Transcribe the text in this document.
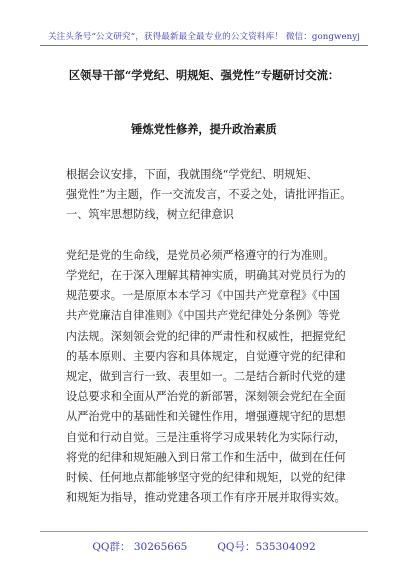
关注头条号“公文研究”，获得最新最全最专业的公文资料库！ 微信：gongwenyj
区领导干部“学党纪、明规矩、强党性”专题研讨交流：
锤炼党性修养，提升政治素质

根据会议安排，下面，我就围绕“学党纪、明规矩、

强党性”为主题，作一交流发言，不妥之处，请批评指正。

一、筑牢思想防线，树立纪律意识

党纪是党的生命线，是党员必须严格遵守的行为准则。

学党纪，在于深入理解其精神实质，明确其对党员行为的

规范要求。一是原原本本学习《中国共产党章程》《中国

共产党廉洁自律准则》《中国共产党纪律处分条例》等党

内法规。深刻领会党的纪律的严肃性和权威性，把握党纪

的基本原则、主要内容和具体规定，自觉遵守党的纪律和

规定，做到言行一致、表里如一。二是结合新时代党的建

设总要求和全面从严治党的新部署，深刻领会党纪在全面

从严治党中的基础性和关键性作用，增强遵规守纪的思想

自觉和行动自觉。三是注重将学习成果转化为实际行动，

将党的纪律和规矩融入到日常工作和生活中，做到在任何

时候、任何地点都能够坚守党的纪律和规矩，以党的纪律

和规矩为指导，推动党建各项工作有序开展并取得实效。

QQ群： 30265665	QQ号：535304092
